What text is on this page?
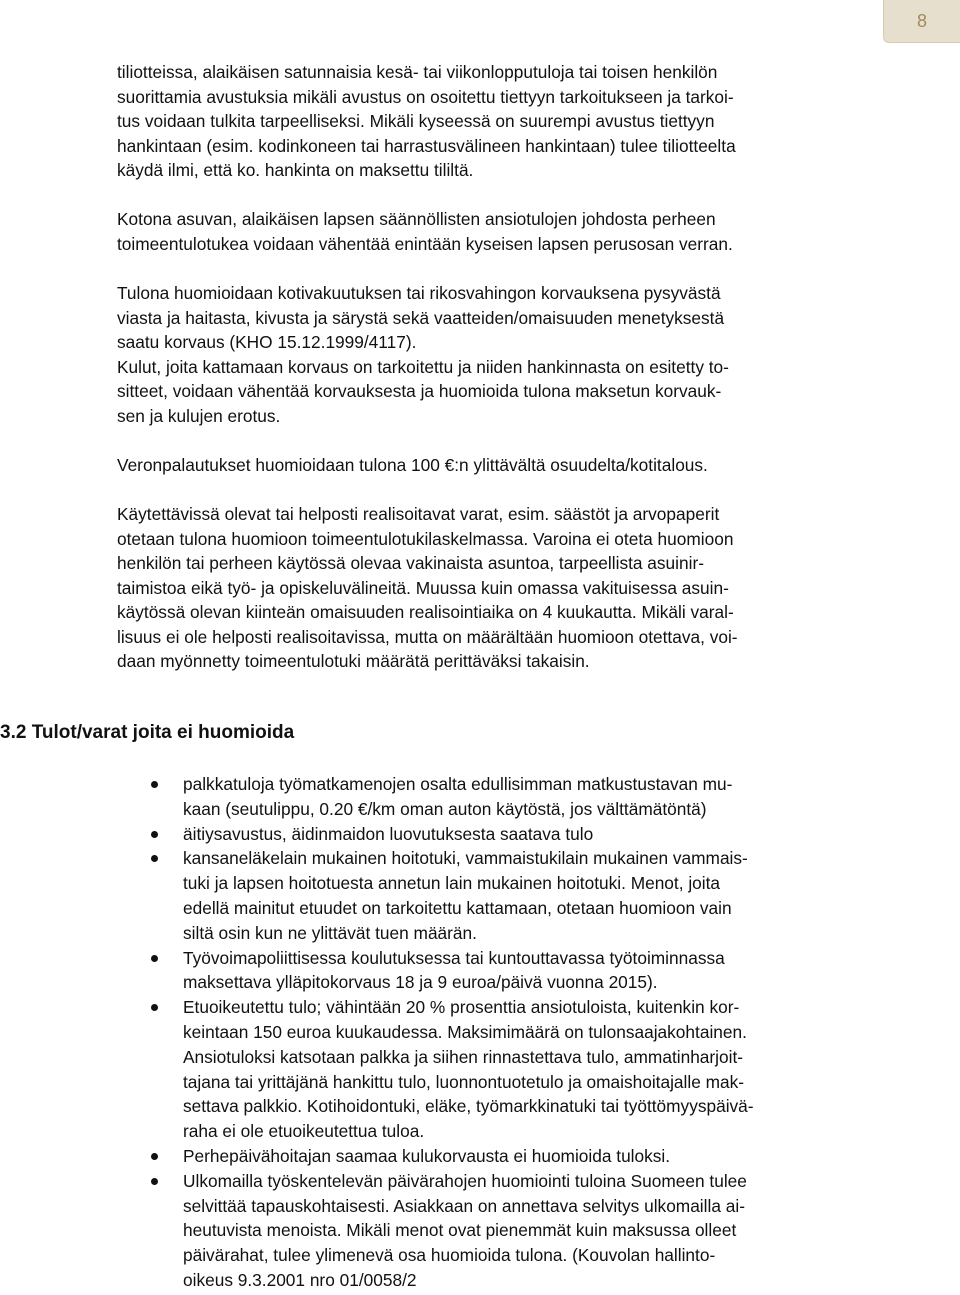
8

tiliotteissa, alaikäisen satunnaisia kesä- tai viikonlopputuloja tai toisen henkilön
suorittamia avustuksia mikäli avustus on osoitettu tiettyyn tarkoitukseen ja tarkoi-
tus voidaan tulkita tarpeelliseksi. Mikäli kyseessä on suurempi avustus tiettyyn
hankintaan (esim. kodinkoneen tai harrastusvälineen hankintaan) tulee tiliotteelta
käydä ilmi, että ko. hankinta on maksettu tililtä.

Kotona asuvan, alaikäisen lapsen säännöllisten ansiotulojen johdosta perheen
toimeentulotukea voidaan vähentää enintään kyseisen lapsen perusosan verran.

Tulona huomioidaan kotivakuutuksen tai rikosvahingon korvauksena pysyvästä
viasta ja haitasta, kivusta ja särystä sekä vaatteiden/omaisuuden menetyksestä
saatu korvaus (KHO 15.12.1999/4117).

Kulut, joita kattamaan korvaus on tarkoitettu ja niiden hankinnasta on esitetty to-
sitteet, voidaan vähentää korvauksesta ja huomioida tulona maksetun korvauk-
sen ja kulujen erotus.

Veronpalautukset huomioidaan tulona 100 €:n ylittävältä osuudelta/kotitalous.

Käytettävissä olevat tai helposti realisoitavat varat, esim. säästöt ja arvopaperit
otetaan tulona huomioon toimeentulotukilaskelmassa. Varoina ei oteta huomioon
henkilön tai perheen käytössä olevaa vakinaista asuntoa, tarpeellista asuinir-
taimistoa eikä työ- ja opiskeluvälineitä. Muussa kuin omassa vakituisessa asuin-
käytössä olevan kiinteän omaisuuden realisointiaika on 4 kuukautta. Mikäli varal-
lisuus ei ole helposti realisoitavissa, mutta on määrältään huomioon otettava, voi-
daan myönnetty toimeentulotuki määrätä perittäväksi takaisin.

3.2 Tulot/varat joita ei huomioida
palkkatuloja työmatkamenojen osalta edullisimman matkustustavan mu-
kaan (seutulippu, 0.20 €/km oman auton käytöstä, jos välttämätöntä)
äitiysavustus, äidinmaidon luovutuksesta saatava tulo
kansaneläkelain mukainen hoitotuki, vammaistukilain mukainen vammais-
tuki ja lapsen hoitotuesta annetun lain mukainen hoitotuki. Menot, joita
edellä mainitut etuudet on tarkoitettu kattamaan, otetaan huomioon vain
siltä osin kun ne ylittävät tuen määrän.
Työvoimapoliittisessa koulutuksessa tai kuntouttavassa työtoiminnassa
maksettava ylläpitokorvaus 18 ja 9 euroa/päivä vuonna 2015).
Etuoikeutettu tulo; vähintään 20 % prosenttia ansiotuloista, kuitenkin kor-
keintaan 150 euroa kuukaudessa. Maksimimäärä on tulonsaajakohtainen.
Ansiotuloksi katsotaan palkka ja siihen rinnastettava tulo, ammatinharjoit-
tajana tai yrittäjänä hankittu tulo, luonnontuotetulo ja omaishoitajalle mak-
settava palkkio. Kotihoidontuki, eläke, työmarkkinatuki tai työttömyyspäivä-
raha ei ole etuoikeutettua tuloa.
Perhepäivähoitajan saamaa kulukorvausta ei huomioida tuloksi.
Ulkomailla työskentelevän päivärahojen huomiointi tuloina Suomeen tulee
selvittää tapauskohtaisesti. Asiakkaan on annettava selvitys ulkomailla ai-
heutuvista menoista. Mikäli menot ovat pienemmät kuin maksussa olleet
päivärahat, tulee ylimenevä osa huomioida tulona. (Kouvolan hallinto-
oikeus 9.3.2001 nro 01/0058/2
